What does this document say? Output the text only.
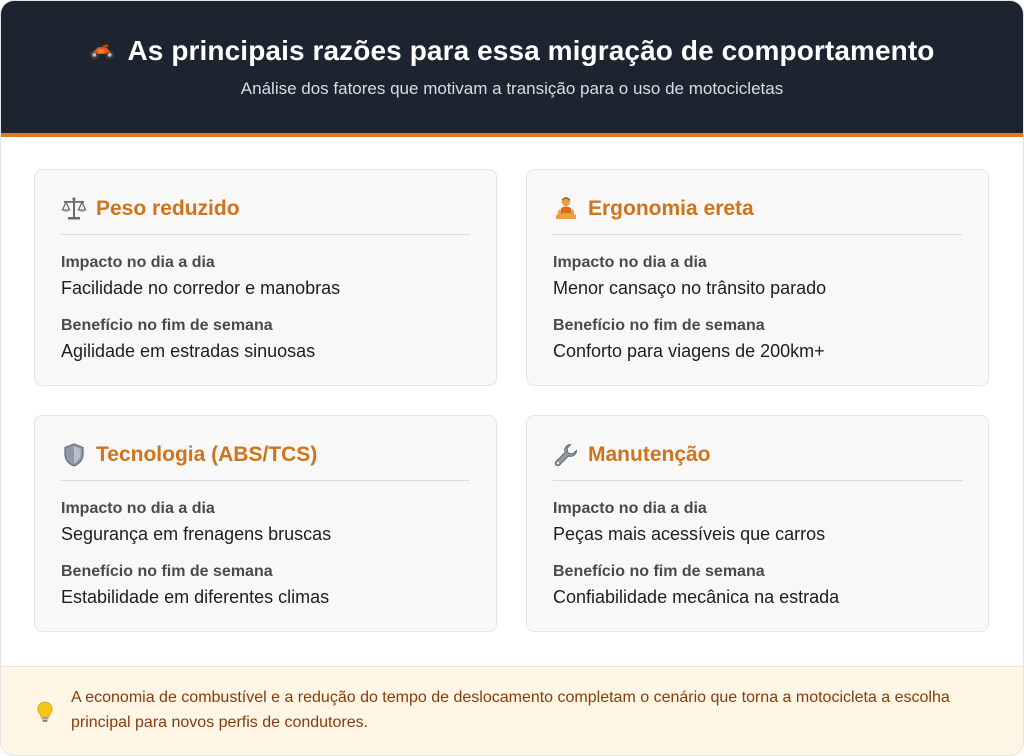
As principais razões para essa migração de comportamento
Análise dos fatores que motivam a transição para o uso de motocicletas
Peso reduzido
Impacto no dia a dia
Facilidade no corredor e manobras
Benefício no fim de semana
Agilidade em estradas sinuosas
Ergonomia ereta
Impacto no dia a dia
Menor cansaço no trânsito parado
Benefício no fim de semana
Conforto para viagens de 200km+
Tecnologia (ABS/TCS)
Impacto no dia a dia
Segurança em frenagens bruscas
Benefício no fim de semana
Estabilidade em diferentes climas
Manutenção
Impacto no dia a dia
Peças mais acessíveis que carros
Benefício no fim de semana
Confiabilidade mecânica na estrada
A economia de combustível e a redução do tempo de deslocamento completam o cenário que torna a motocicleta a escolha principal para novos perfis de condutores.
